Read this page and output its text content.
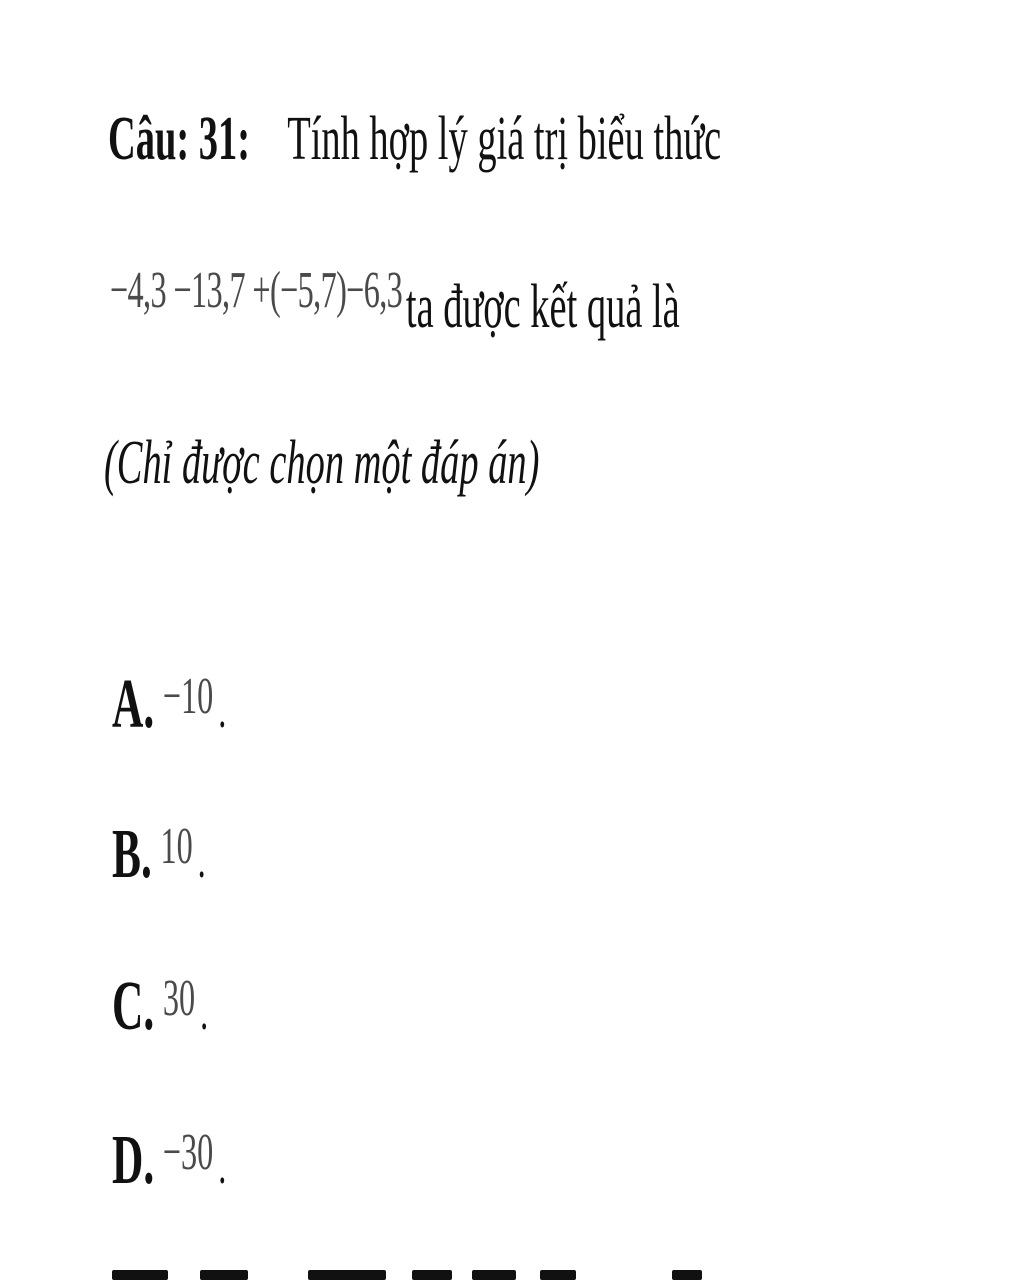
Câu: 31: Tính hợp lý giá trị biểu thức
−4,3 −13,7 +(−5,7)−6,3ta được kết quả là
(Chỉ được chọn một đáp án)
A. −10.
B. 10.
C. 30.
D. −30.
